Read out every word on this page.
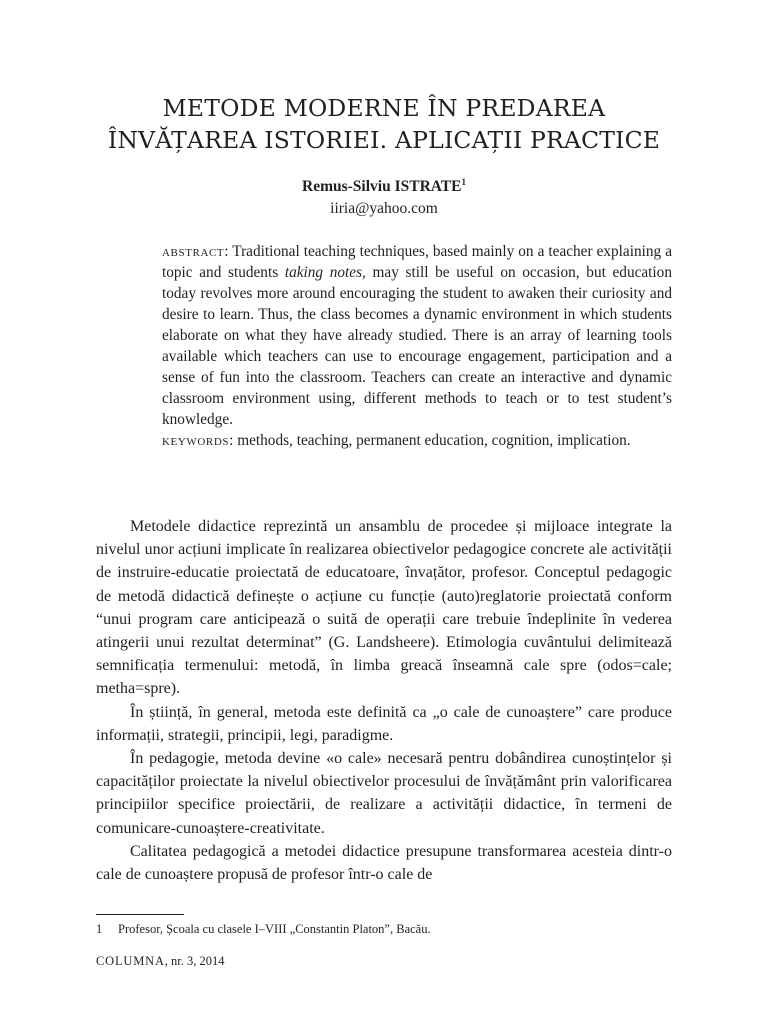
METODE MODERNE ÎN PREDAREA
ÎNVĂȚAREA ISTORIEI. APLICAȚII PRACTICE
Remus-Silviu ISTRATE$^1$
iiria@yahoo.com

abstract: Traditional teaching techniques, based mainly on a teacher explaining a topic and students taking notes, may still be useful on occasion, but education today revolves more around encouraging the student to awaken their curiosity and desire to learn. Thus, the class becomes a dynamic environment in which students elaborate on what they have already studied. There is an array of learning tools available which teachers can use to encourage engagement, participation and a sense of fun into the classroom. Teachers can create an interactive and dynamic classroom environment using, different methods to teach or to test student’s knowledge.

keywords: methods, teaching, permanent education, cognition, implication.

Metodele didactice reprezintă un ansamblu de procedee și mijloace integrate la nivelul unor acțiuni implicate în realizarea obiectivelor pedagogice concrete ale activității de instruire-educatie proiectată de educatoare, învațător, profesor. Conceptul pedagogic de metodă didactică definește o acțiune cu funcție (auto)reglatorie proiectată conform “unui program care anticipează o suită de operații care trebuie îndeplinite în vederea atingerii unui rezultat determinat” (G. Landsheere). Etimologia cuvântului delimitează semnificația termenului: metodă, în limba greacă înseamnă cale spre (odos=cale; metha=spre).

În știință, în general, metoda este definită ca „o cale de cunoaștere” care produce informații, strategii, principii, legi, paradigme.

În pedagogie, metoda devine «o cale» necesară pentru dobândirea cunoștințelor și capacităților proiectate la nivelul obiectivelor procesului de învățământ prin valorificarea principiilor specifice proiectării, de realizare a activității didactice, în termeni de comunicare-cunoaștere-creativitate.

Calitatea pedagogică a metodei didactice presupune transformarea acesteia dintr-o cale de cunoaștere propusă de profesor într-o cale de

1 Profesor, Școala cu clasele I–VIII „Constantin Platon”, Bacău.
COLUMNA, nr. 3, 2014
